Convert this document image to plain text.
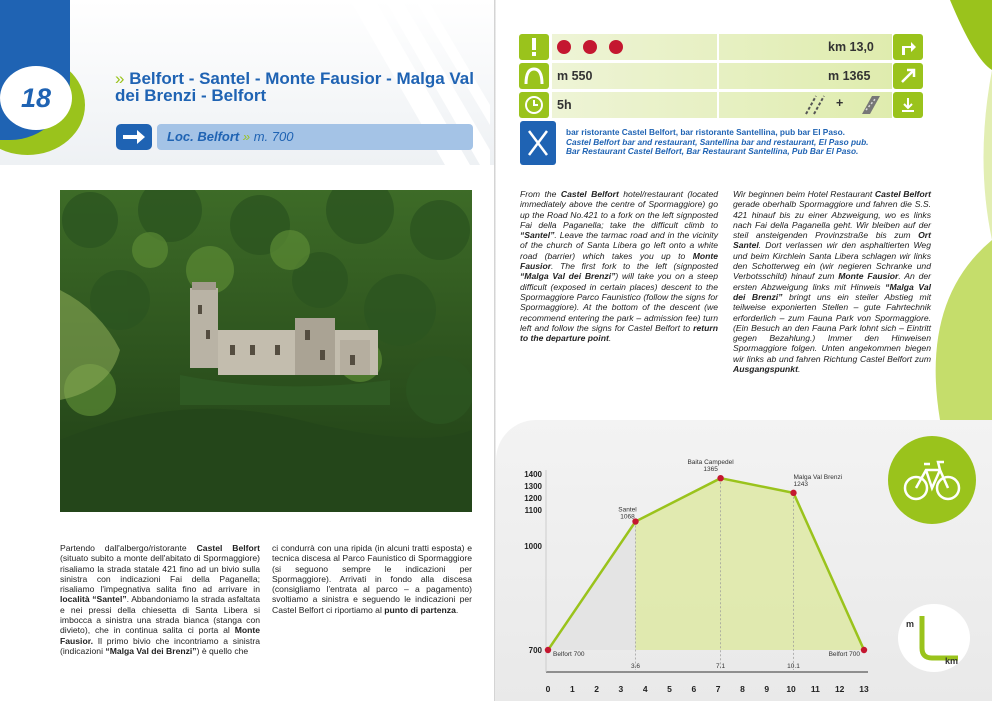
18
» Belfort - Santel - Monte Fausior - Malga Val dei Brenzi - Belfort
Loc. Belfort » m. 700
Partendo dall'albergo/ristorante Castel Belfort (situato subito a monte dell'abitato di Spormaggiore) risaliamo la strada statale 421 fino ad un bivio sulla sinistra con indicazioni Fai della Paganella; risaliamo l'impegnativa salita fino ad arrivare in località “Santel”. Abbandoniamo la strada asfaltata e nei pressi della chiesetta di Santa Libera si imbocca a sinistra una strada bianca (stanga con divieto), che in continua salita ci porta al Monte Fausior. Il primo bivio che incontriamo a sinistra (indicazioni “Malga Val dei Brenzi”) è quello che
ci condurrà con una ripida (in alcuni tratti esposta) e tecnica discesa al Parco Faunistico di Spormaggiore (si seguono sempre le indicazioni per Spormaggiore). Arrivati in fondo alla discesa (consigliamo l'entrata al parco – a pagamento) svoltiamo a sinistra e seguendo le indicazioni per Castel Belfort ci riportiamo al punto di partenza.
km 13,0
m 550	m 1365
5h	+
bar ristorante Castel Belfort, bar ristorante Santellina, pub bar El Paso.
Castel Belfort bar and restaurant, Santellina bar and restaurant, El Paso pub.
Bar Restaurant Castel Belfort, Bar Restaurant Santellina, Pub Bar El Paso.
From the Castel Belfort hotel/restaurant (located immediately above the centre of Spormaggiore) go up the Road No.421 to a fork on the left signposted Fai della Paganella; take the difficult climb to “Santel”. Leave the tarmac road and in the vicinity of the church of Santa Libera go left onto a white road (barrier) which takes you up to Monte Fausior. The first fork to the left (signposted “Malga Val dei Brenzi”) will take you on a steep difficult (exposed in certain places) descent to the Spormaggiore Parco Faunistico (follow the signs for Spormaggiore). At the bottom of the descent (we recommend entering the park – admission fee) turn left and follow the signs for Castel Belfort to return to the departure point.
Wir beginnen beim Hotel Restaurant Castel Belfort gerade oberhalb Spormaggiore und fahren die S.S. 421 hinauf bis zu einer Abzweigung, wo es links nach Fai della Paganella geht. Wir bleiben auf der steil ansteigenden Provinzstraße bis zum Ort Santel. Dort verlassen wir den asphaltierten Weg und beim Kirchlein Santa Libera schlagen wir links den Schotterweg ein (wir negieren Schranke und Verbotsschild) hinauf zum Monte Fausior. An der ersten Abzweigung links mit Hinweis “Malga Val dei Brenzi” bringt uns ein steiler Abstieg mit teilweise exponierten Stellen – gute Fahrtechnik erforderlich – zum Fauna Park von Spormaggiore. (Ein Besuch an den Fauna Park lohnt sich – Eintritt gegen Bezahlung.) Immer den Hinweisen Spormaggiore folgen. Unten angekommen biegen wir links ab und fahren Richtung Castel Belfort zum Ausgangspunkt.
Belfort 700
Santel
1068
Baita Campedel
1365
Malga Val Brenzi
1243
Belfort 700
700
1000
1100
1200
1300
1400
0 1 2 3 4 5 6 7 8 9 10 11 12 13
3.6	7.1	10.1
m
km
